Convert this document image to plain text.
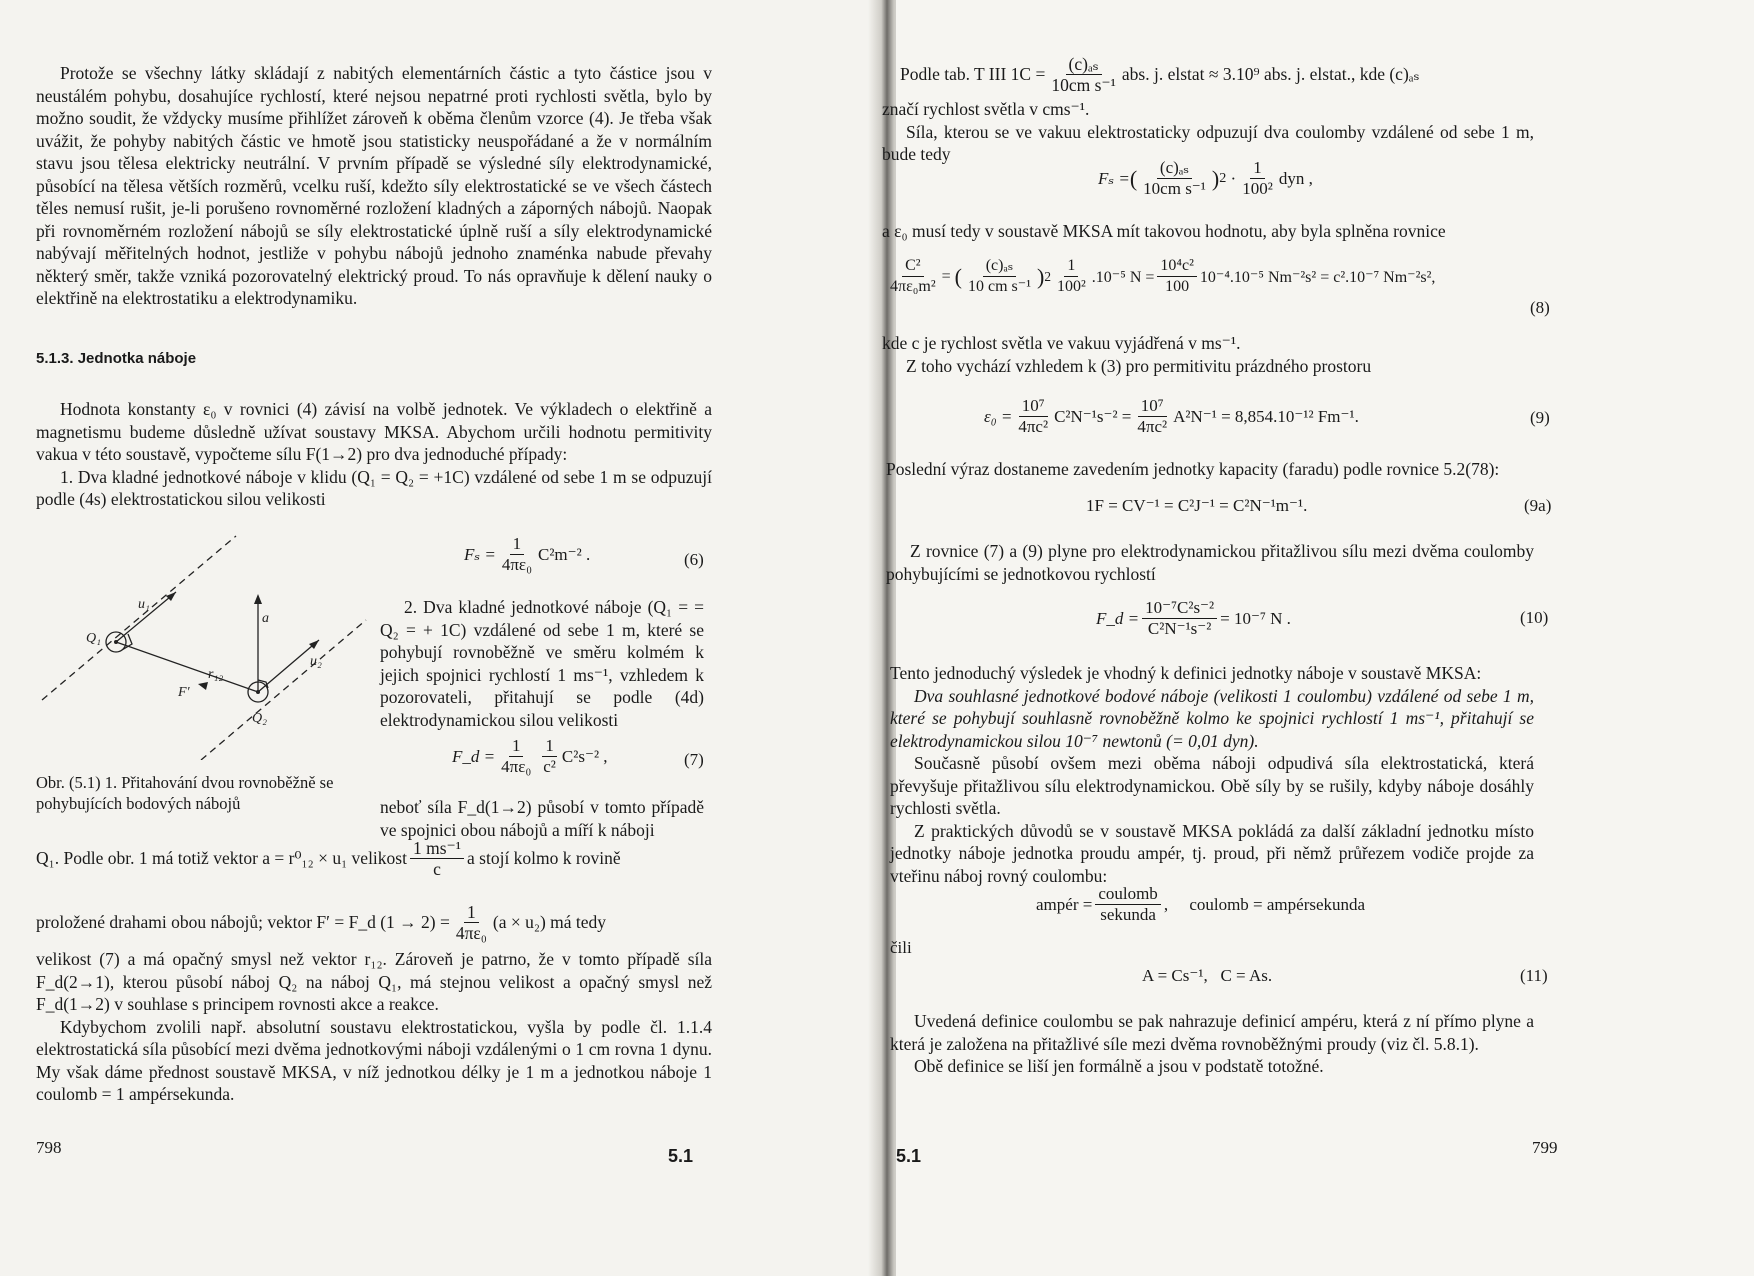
Protože se všechny látky skládají z nabitých elementárních částic a tyto částice jsou v neustálém pohybu, dosahujíce rychlostí, které nejsou nepatrné proti rychlosti světla, bylo by možno soudit, že vždycky musíme přihlížet zároveň k oběma členům vzorce (4). Je třeba však uvážit, že pohyby nabitých částic ve hmotě jsou statisticky neuspořádané a že v normálním stavu jsou tělesa elektricky neutrální. V prvním případě se výsledné síly elektrodynamické, působící na tělesa větších rozměrů, vcelku ruší, kdežto síly elektrostatické se ve všech částech těles nemusí rušit, je-li porušeno rovnoměrné rozložení kladných a záporných nábojů. Naopak při rovnoměrném rozložení nábojů se síly elektrostatické úplně ruší a síly elektrodynamické nabývají měřitelných hodnot, jestliže v pohybu nábojů jednoho znaménka nabude převahy některý směr, takže vzniká pozorovatelný elektrický proud. To nás opravňuje k dělení nauky o elektřině na elektrostatiku a elektrodynamiku.

5.1.3. Jednotka náboje

Hodnota konstanty ε₀ v rovnici (4) závisí na volbě jednotek. Ve výkladech o elektřině a magnetismu budeme důsledně užívat soustavy MKSA. Abychom určili hodnotu permitivity vakua v této soustavě, vypočteme sílu F(1→2) pro dva jednoduché případy:

1. Dva kladné jednotkové náboje v klidu (Q₁ = Q₂ = +1C) vzdálené od sebe 1 m se odpuzují podle (4s) elektrostatickou silou velikosti

u₁
a
Q₁
u₂
r₁₂
F′
Q₂
Obr. (5.1) 1. Přitahování dvou rovnoběžně se pohybujících bodových nábojů
$F_s = \frac{1}{\text{4πε₀}} C^2m^{-2}$ .	(6)

2. Dva kladné jednotkové náboje (Q₁ = = Q₂ = + 1C) vzdálené od sebe 1 m, které se pohybují rovnoběžně ve směru kolmém k jejich spojnici rychlostí 1 ms⁻¹, vzhledem k pozorovateli, přitahují se podle (4d) elektrodynamickou silou velikosti

F_d = $\frac{1}{\text{4πε₀}} \frac{1}{\text{c²}} C^2s^{-2}$ ,	(7)

neboť síla F_d(1→2) působí v tomto případě ve spojnici obou nábojů a míří k náboji

Q₁. Podle obr. 1 má totiž vektor a = r⁰₁₂ × u₁ velikost $\frac{\text{1 ms⁻¹}}{c}$ a stojí kolmo k rovině
proložené drahami obou nábojů; vektor F′ = F_d $(1 \to 2) = \frac{1}{\text{4πε₀}} (a \times u_2)$ má tedy

velikost (7) a má opačný smysl než vektor r₁₂. Zároveň je patrno, že v tomto případě síla F_d(2→1), kterou působí náboj Q₂ na náboj Q₁, má stejnou velikost a opačný smysl než F_d(1→2) v souhlase s principem rovnosti akce a reakce.

Kdybychom zvolili např. absolutní soustavu elektrostatickou, vyšla by podle čl. 1.1.4 elektrostatická síla působící mezi dvěma jednotkovými náboji vzdálenými o 1 cm rovna 1 dynu. My však dáme přednost soustavě MKSA, v níž jednotkou délky je 1 m a jednotkou náboje 1 coulomb = 1 ampérsekunda.

798	5.1
Podle tab. T III $1C = \frac{\text{(c)ₐₛ}}{\text{10cm s⁻¹}}$ abs. j. elstat ≈ 3.10⁹ abs. j. elstat., kde (c)ₐₛ

značí rychlost světla v cms⁻¹.

Síla, kterou se ve vakuu elektrostaticky odpuzují dva coulomby vzdálené od sebe 1 m, bude tedy

Fₛ = ( $\frac{\text{(c)ₐₛ}}{\text{10cm s⁻¹}}$ ) $2 \cdot \frac{1}{\text{100²}}$ dyn ,

a ε₀ musí tedy v soustavě MKSA mít takovou hodnotu, aby byla splněna rovnice

$\frac{\text{C²}}{\text{4πε₀m²}}$ = ( $\frac{\text{(c)ₐₛ}}{\text{10 cm s⁻¹}}$ ) $2 \frac{1}{\text{100²}} .10^{-5}$ $N = \frac{\text{10⁴c²}}{100} 10^{-4}.10^{-5}$ Nm⁻²s² = c².10⁻⁷ Nm⁻²s²,
(8)

kde c je rychlost světla ve vakuu vyjádřená v ms⁻¹.

Z toho vychází vzhledem k (3) pro permitivitu prázdného prostoru

$\varepsilon_0 = \frac{\text{10⁷}}{\text{4πc²}} C^2N^{-1}s^{-2} = \frac{\text{10⁷}}{\text{4πc²}} A^2N^{-1} = 8,854.10^{-12}$ Fm⁻¹.	(9)

Poslední výraz dostaneme zavedením jednotky kapacity (faradu) podle rovnice 5.2(78):

1F = CV⁻¹ = C²J⁻¹ = C²N⁻¹m⁻¹.	(9a)

Z rovnice (7) a (9) plyne pro elektrodynamickou přitažlivou sílu mezi dvěma coulomby pohybujícími se jednotkovou rychlostí

F_d = $\frac{\text{10⁻⁷C²s⁻²}}{\text{C²N⁻¹s⁻²}} = 10^{-7}$ N .	(10)

Tento jednoduchý výsledek je vhodný k definici jednotky náboje v soustavě MKSA:

Dva souhlasné jednotkové bodové náboje (velikosti 1 coulombu) vzdálené od sebe 1 m, které se pohybují souhlasně rovnoběžně kolmo ke spojnici rychlostí 1 ms⁻¹, přitahují se elektrodynamickou silou 10⁻⁷ newtonů (= 0,01 dyn).

Současně působí ovšem mezi oběma náboji odpudivá síla elektrostatická, která převyšuje přitažlivou sílu elektrodynamickou. Obě síly by se rušily, kdyby náboje dosáhly rychlosti světla.

Z praktických důvodů se v soustavě MKSA pokládá za další základní jednotku místo jednotky náboje jednotka proudu ampér, tj. proud, při němž průřezem vodiče projde za vteřinu náboj rovný coulombu:

ampér = $\frac{\text{coulomb}}{\text{sekunda}}$ ,     coulomb = ampérsekunda
čili
A = Cs⁻¹,   C = As.	(11)

Uvedená definice coulombu se pak nahrazuje definicí ampéru, která z ní přímo plyne a která je založena na přitažlivé síle mezi dvěma rovnoběžnými proudy (viz čl. 5.8.1).

Obě definice se liší jen formálně a jsou v podstatě totožné.

5.1	799
